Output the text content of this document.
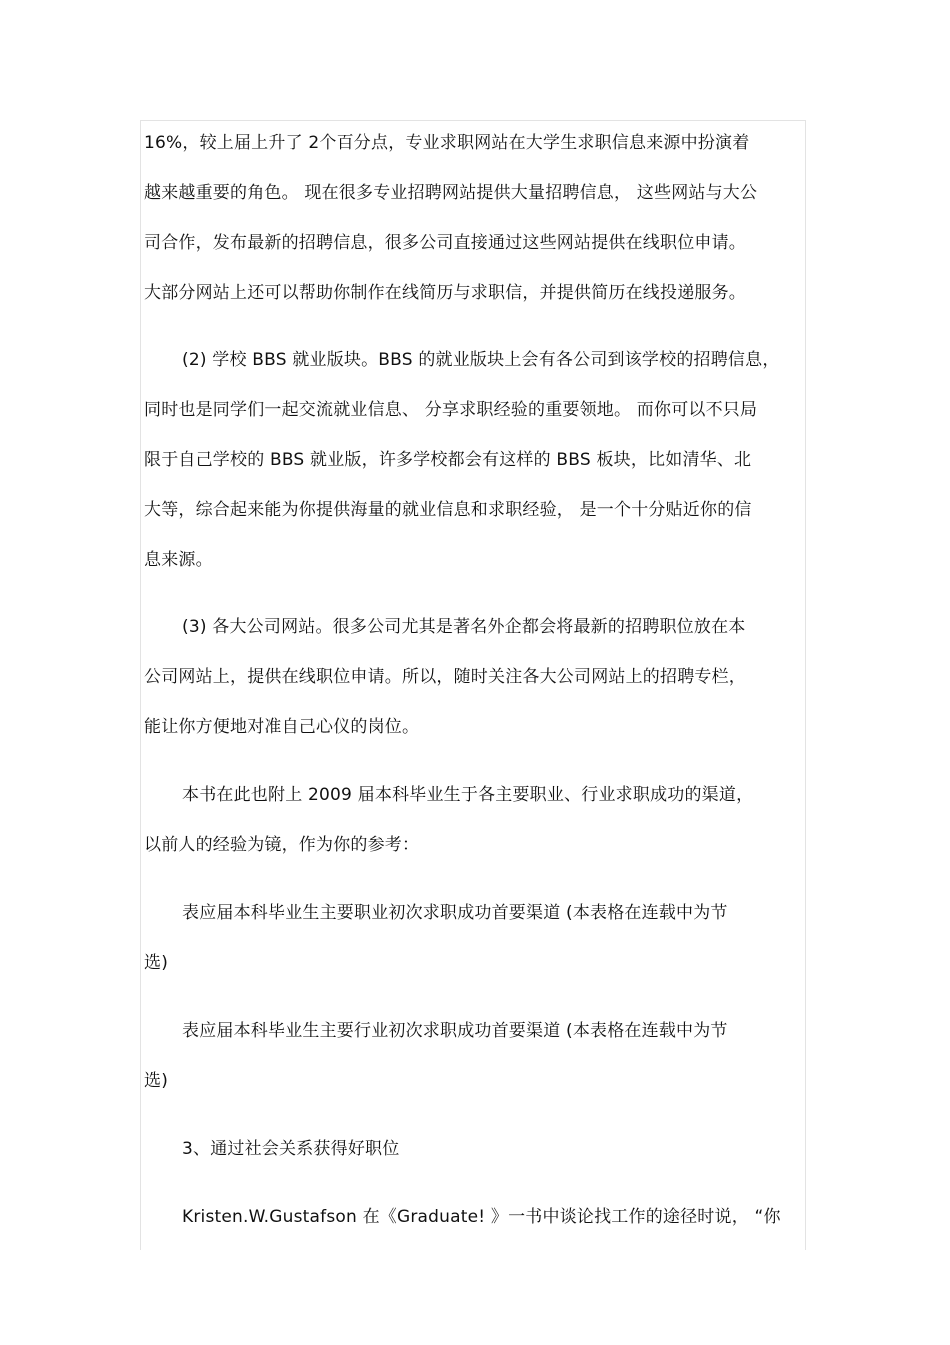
16%，较上届上升了 2个百分点，专业求职网站在大学生求职信息来源中扮演着
越来越重要的角色。 现在很多专业招聘网站提供大量招聘信息， 这些网站与大公
司合作，发布最新的招聘信息，很多公司直接通过这些网站提供在线职位申请。
大部分网站上还可以帮助你制作在线简历与求职信，并提供简历在线投递服务。
(2) 学校 BBS 就业版块。BBS 的就业版块上会有各公司到该学校的招聘信息，
同时也是同学们一起交流就业信息、 分享求职经验的重要领地。 而你可以不只局
限于自己学校的 BBS 就业版，许多学校都会有这样的 BBS 板块，比如清华、北
大等，综合起来能为你提供海量的就业信息和求职经验， 是一个十分贴近你的信
息来源。
(3) 各大公司网站。很多公司尤其是著名外企都会将最新的招聘职位放在本
公司网站上，提供在线职位申请。所以，随时关注各大公司网站上的招聘专栏，
能让你方便地对准自己心仪的岗位。
本书在此也附上 2009 届本科毕业生于各主要职业、行业求职成功的渠道，
以前人的经验为镜，作为你的参考：
表应届本科毕业生主要职业初次求职成功首要渠道 (本表格在连载中为节
选)
表应届本科毕业生主要行业初次求职成功首要渠道 (本表格在连载中为节
选)
3、通过社会关系获得好职位
Kristen.W.Gustafson 在《Graduate! 》一书中谈论找工作的途径时说， “你
